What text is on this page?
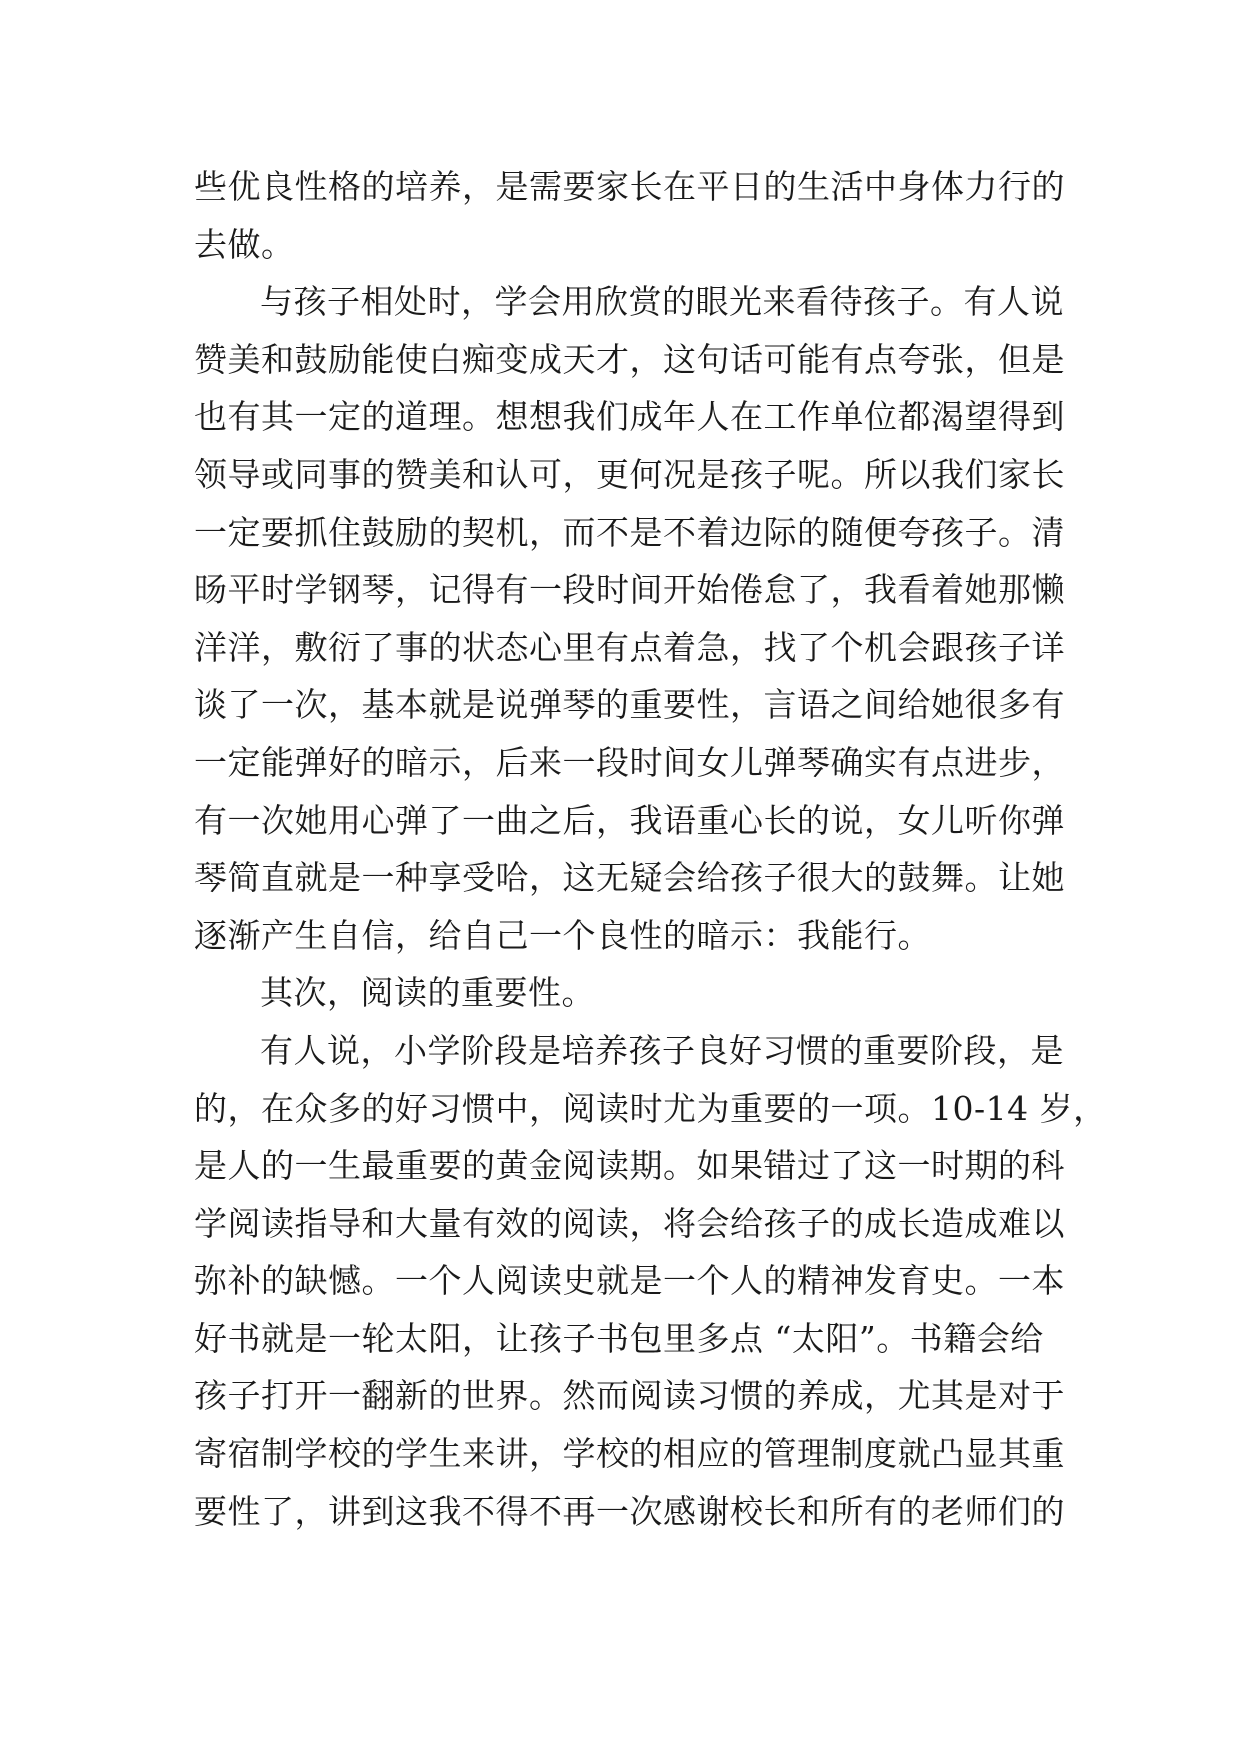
些优良性格的培养，是需要家长在平日的生活中身体力行的
去做。
与孩子相处时，学会用欣赏的眼光来看待孩子。有人说
赞美和鼓励能使白痴变成天才，这句话可能有点夸张，但是
也有其一定的道理。想想我们成年人在工作单位都渴望得到
领导或同事的赞美和认可，更何况是孩子呢。所以我们家长
一定要抓住鼓励的契机，而不是不着边际的随便夸孩子。清
旸平时学钢琴，记得有一段时间开始倦怠了，我看着她那懒
洋洋，敷衍了事的状态心里有点着急，找了个机会跟孩子详
谈了一次，基本就是说弹琴的重要性，言语之间给她很多有
一定能弹好的暗示，后来一段时间女儿弹琴确实有点进步，
有一次她用心弹了一曲之后，我语重心长的说，女儿听你弹
琴简直就是一种享受哈，这无疑会给孩子很大的鼓舞。让她
逐渐产生自信，给自己一个良性的暗示：我能行。
其次，阅读的重要性。
有人说，小学阶段是培养孩子良好习惯的重要阶段，是
的，在众多的好习惯中，阅读时尤为重要的一项。10-14 岁，
是人的一生最重要的黄金阅读期。如果错过了这一时期的科
学阅读指导和大量有效的阅读，将会给孩子的成长造成难以
弥补的缺憾。一个人阅读史就是一个人的精神发育史。一本
好书就是一轮太阳，让孩子书包里多点 “太阳”。书籍会给
孩子打开一翻新的世界。然而阅读习惯的养成，尤其是对于
寄宿制学校的学生来讲，学校的相应的管理制度就凸显其重
要性了，讲到这我不得不再一次感谢校长和所有的老师们的
